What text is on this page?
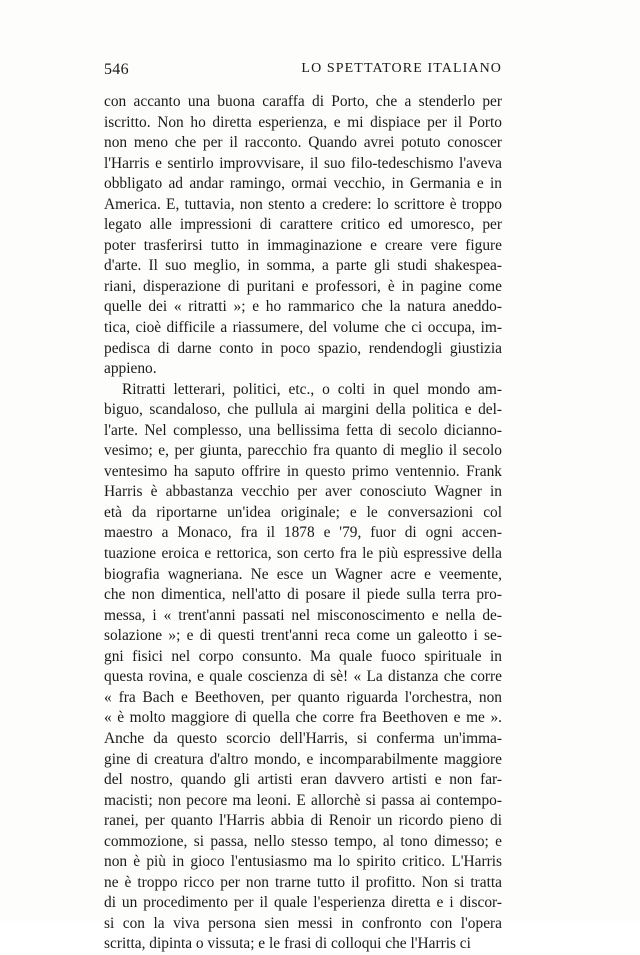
546	LO SPETTATORE ITALIANO
con accanto una buona caraffa di Porto, che a stenderlo per
iscritto. Non ho diretta esperienza, e mi dispiace per il Porto
non meno che per il racconto. Quando avrei potuto conoscer
l'Harris e sentirlo improvvisare, il suo filo-tedeschismo l'aveva
obbligato ad andar ramingo, ormai vecchio, in Germania e in
America. E, tuttavia, non stento a credere: lo scrittore è troppo
legato alle impressioni di carattere critico ed umoresco, per
poter trasferirsi tutto in immaginazione e creare vere figure
d'arte. Il suo meglio, in somma, a parte gli studi shakespea-
riani, disperazione di puritani e professori, è in pagine come
quelle dei « ritratti »; e ho rammarico che la natura aneddo-
tica, cioè difficile a riassumere, del volume che ci occupa, im-
pedisca di darne conto in poco spazio, rendendogli giustizia
appieno.
Ritratti letterari, politici, etc., o colti in quel mondo am-
biguo, scandaloso, che pullula ai margini della politica e del-
l'arte. Nel complesso, una bellissima fetta di secolo dicianno-
vesimo; e, per giunta, parecchio fra quanto di meglio il secolo
ventesimo ha saputo offrire in questo primo ventennio. Frank
Harris è abbastanza vecchio per aver conosciuto Wagner in
età da riportarne un'idea originale; e le conversazioni col
maestro a Monaco, fra il 1878 e '79, fuor di ogni accen-
tuazione eroica e rettorica, son certo fra le più espressive della
biografia wagneriana. Ne esce un Wagner acre e veemente,
che non dimentica, nell'atto di posare il piede sulla terra pro-
messa, i « trent'anni passati nel misconoscimento e nella de-
solazione »; e di questi trent'anni reca come un galeotto i se-
gni fisici nel corpo consunto. Ma quale fuoco spirituale in
questa rovina, e quale coscienza di sè! « La distanza che corre
« fra Bach e Beethoven, per quanto riguarda l'orchestra, non
« è molto maggiore di quella che corre fra Beethoven e me ».
Anche da questo scorcio dell'Harris, si conferma un'imma-
gine di creatura d'altro mondo, e incomparabilmente maggiore
del nostro, quando gli artisti eran davvero artisti e non far-
macisti; non pecore ma leoni. E allorchè si passa ai contempo-
ranei, per quanto l'Harris abbia di Renoir un ricordo pieno di
commozione, si passa, nello stesso tempo, al tono dimesso; e
non è più in gioco l'entusiasmo ma lo spirito critico. L'Harris
ne è troppo ricco per non trarne tutto il profitto. Non si tratta
di un procedimento per il quale l'esperienza diretta e i discor-
si con la viva persona sien messi in confronto con l'opera
scritta, dipinta o vissuta; e le frasi di colloqui che l'Harris ci
